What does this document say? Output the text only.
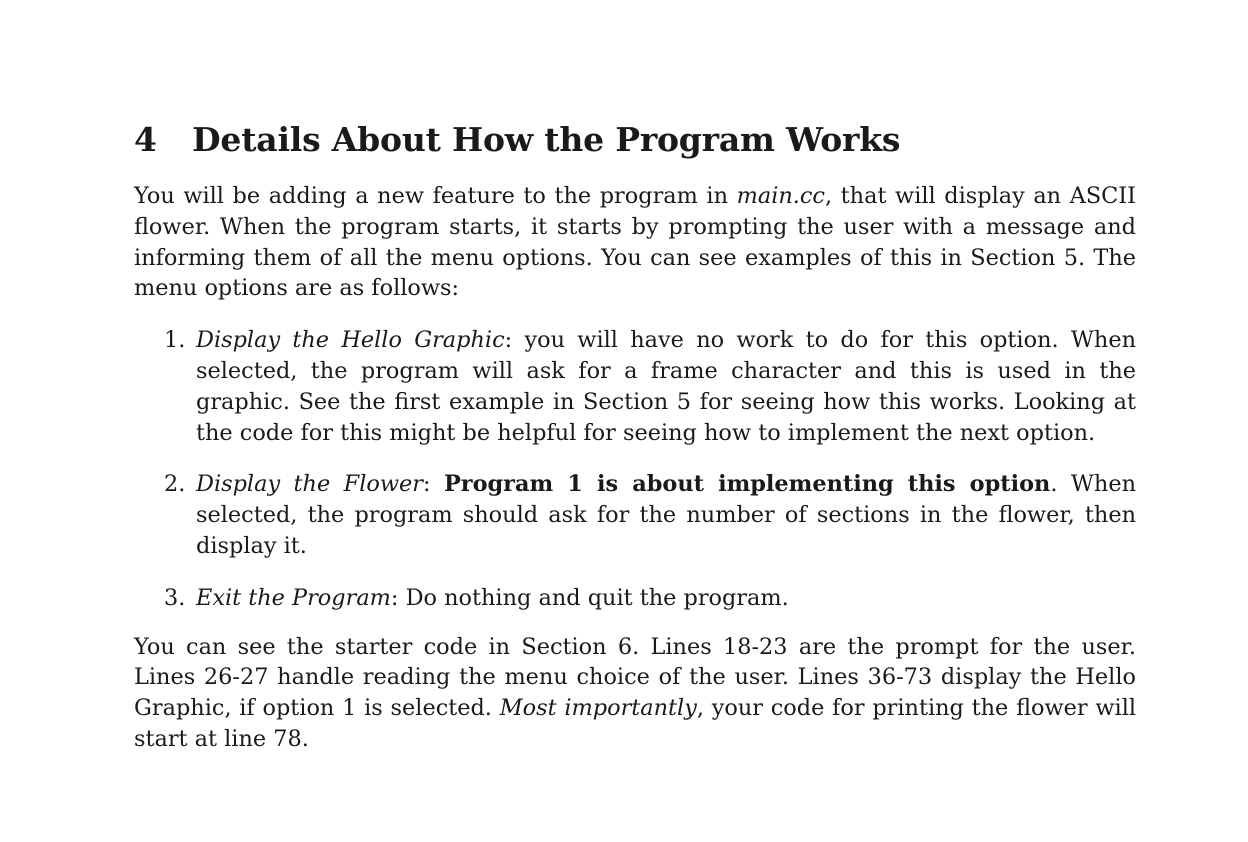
4	Details About How the Program Works

You will be adding a new feature to the program in main.cc, that will display an ASCII flower. When the program starts, it starts by prompting the user with a message and informing them of all the menu options. You can see examples of this in Section 5. The menu options are as follows:

1. Display the Hello Graphic: you will have no work to do for this option. When selected, the program will ask for a frame character and this is used in the graphic. See the first example in Section 5 for seeing how this works. Looking at the code for this might be helpful for seeing how to implement the next option.
2. Display the Flower: Program 1 is about implementing this option. When selected, the program should ask for the number of sections in the flower, then display it.
3. Exit the Program: Do nothing and quit the program.

You can see the starter code in Section 6. Lines 18-23 are the prompt for the user. Lines 26-27 handle reading the menu choice of the user. Lines 36-73 display the Hello Graphic, if option 1 is selected. Most importantly, your code for printing the flower will start at line 78.
